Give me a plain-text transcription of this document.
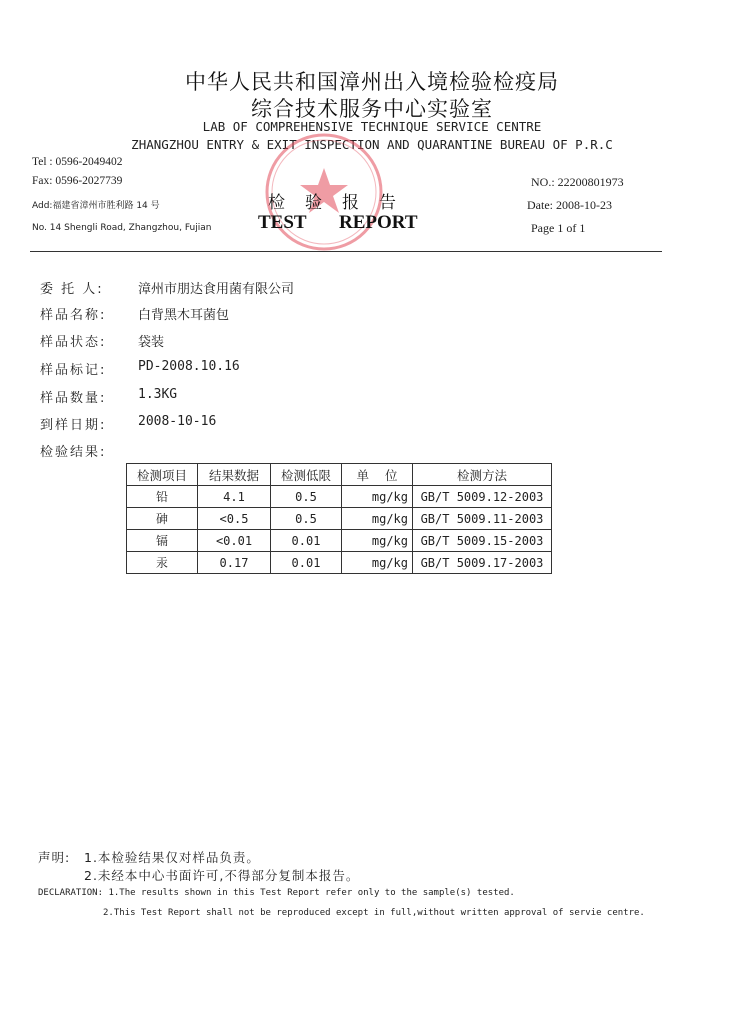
中华人民共和国漳州出入境检验检疫局
综合技术服务中心实验室
LAB OF COMPREHENSIVE TECHNIQUE SERVICE CENTRE
ZHANGZHOU ENTRY & EXIT INSPECTION AND QUARANTINE BUREAU OF P.R.C
Tel : 0596-2049402
Fax: 0596-2027739
Add:福建省漳州市胜利路 14 号
No. 14 Shengli Road, Zhangzhou, Fujian
检验报告
TEST REPORT
NO.: 22200801973
Date: 2008-10-23
Page 1 of 1
委 托 人:	漳州市朋达食用菌有限公司
样品名称: 白背黑木耳菌包
样品状态: 袋装
样品标记: PD-2008.10.16
样品数量: 1.3KG
到样日期: 2008-10-16
检验结果:
检测项目	结果数据	检测低限	单    位	检测方法
铅	4.1	0.5	mg/kg	GB/T 5009.12-2003
砷	<0.5	0.5	mg/kg	GB/T 5009.11-2003
镉	<0.01	0.01	mg/kg	GB/T 5009.15-2003
汞	0.17	0.01	mg/kg	GB/T 5009.17-2003
声明: 1.本检验结果仅对样品负责。
2.未经本中心书面许可,不得部分复制本报告。
DECLARATION: 1.The results shown in this Test Report refer only to the sample(s) tested.
2.This Test Report shall not be reproduced except in full,without written approval of servie centre.
